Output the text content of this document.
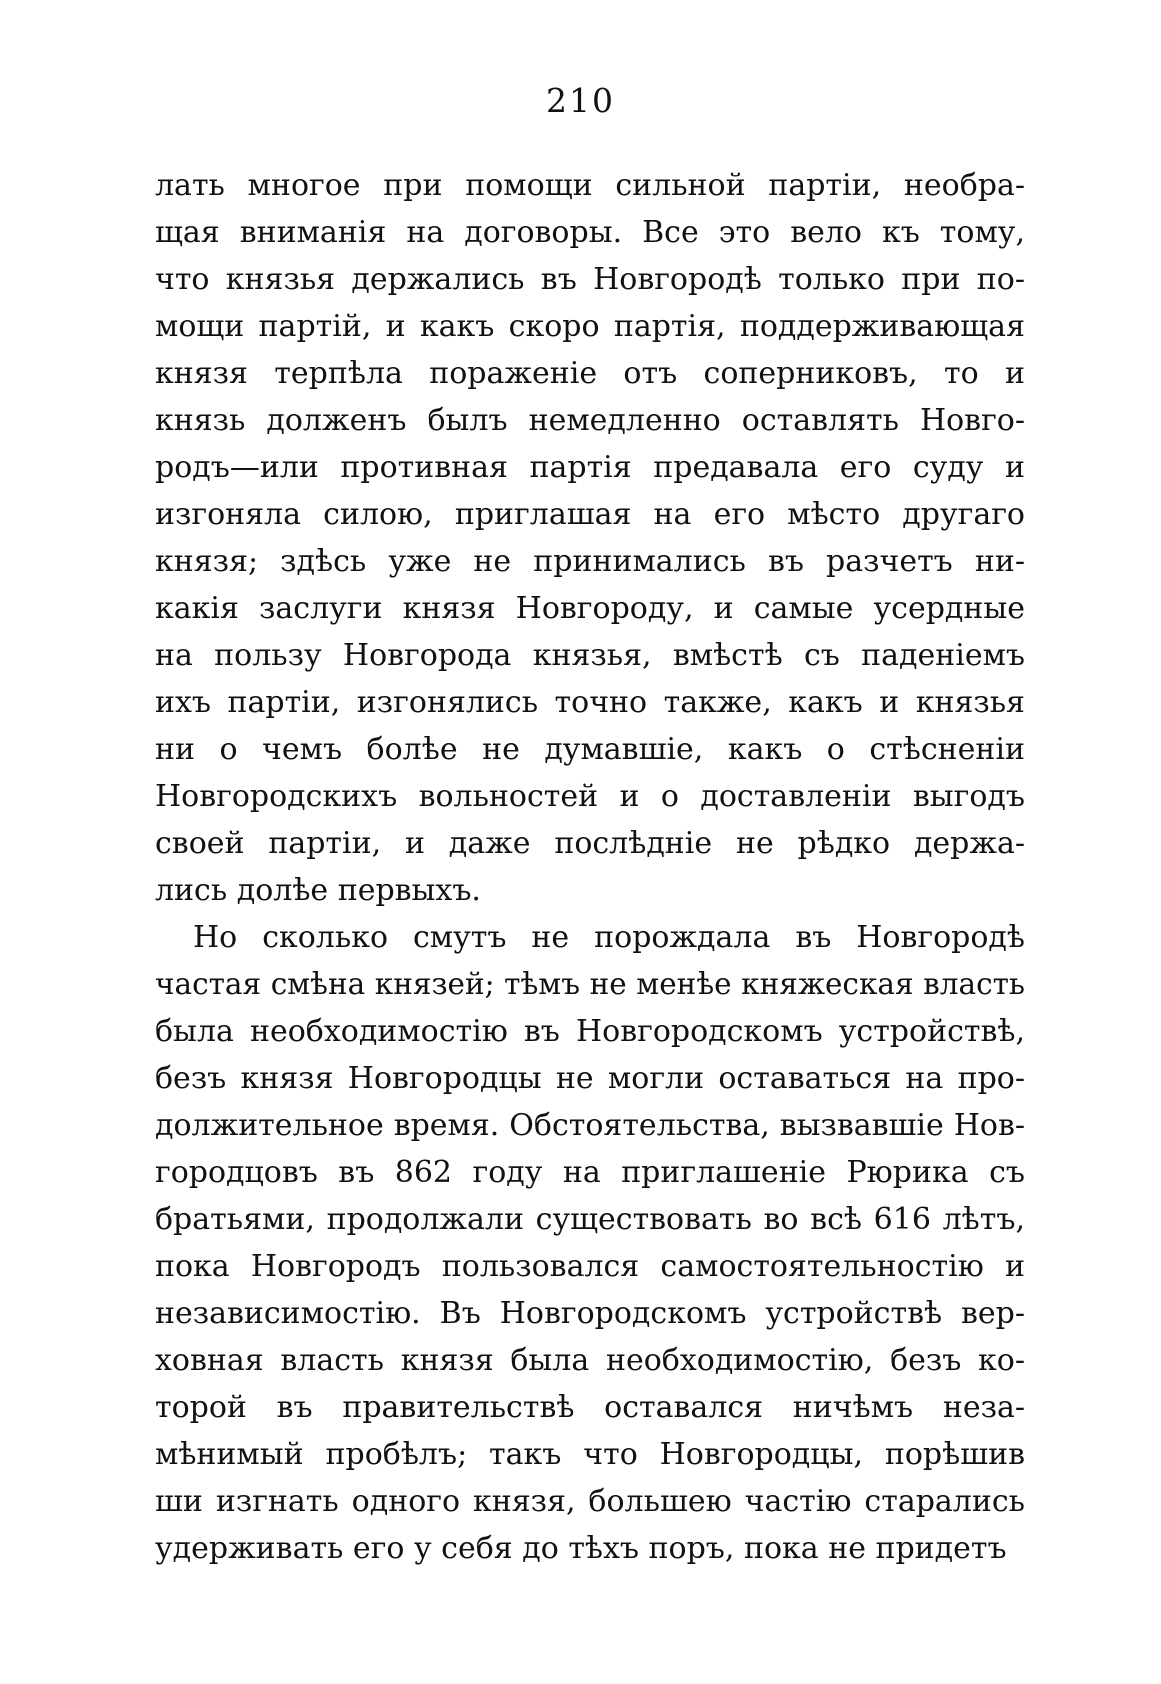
210
лать многое при помощи сильной партіи, необра-
щая вниманія на договоры. Все это вело къ тому,
что князья держались въ Новгородѣ только при по-
мощи партій, и какъ скоро партія, поддерживающая
князя терпѣла пораженіе отъ соперниковъ, то и
князь долженъ былъ немедленно оставлять Новго-
родъ—или противная партія предавала его суду и
изгоняла силою, приглашая на его мѣсто другаго
князя; здѣсь уже не принимались въ разчетъ ни-
какія заслуги князя Новгороду, и самые усердные
на пользу Новгорода князья, вмѣстѣ съ паденіемъ
ихъ партіи, изгонялись точно также, какъ и князья
ни о чемъ болѣе не думавшіе, какъ о стѣсненіи
Новгородскихъ вольностей и о доставленіи выгодъ
своей партіи, и даже послѣдніе не рѣдко держа-
лись долѣе первыхъ.
Но сколько смутъ не порождала въ Новгородѣ
частая смѣна князей; тѣмъ не менѣе княжеская власть
была необходимостію въ Новгородскомъ устройствѣ,
безъ князя Новгородцы не могли оставаться на про-
должительное время. Обстоятельства, вызвавшіе Нов-
городцовъ въ 862 году на приглашеніе Рюрика съ
братьями, продолжали существовать во всѣ 616 лѣтъ,
пока Новгородъ пользовался самостоятельностію и
независимостію. Въ Новгородскомъ устройствѣ вер-
ховная власть князя была необходимостію, безъ ко-
торой въ правительствѣ оставался ничѣмъ неза-
мѣнимый пробѣлъ; такъ что Новгородцы, порѣшив
ши изгнать одного князя, большею частію старались
удерживать его у себя до тѣхъ поръ, пока не придетъ
